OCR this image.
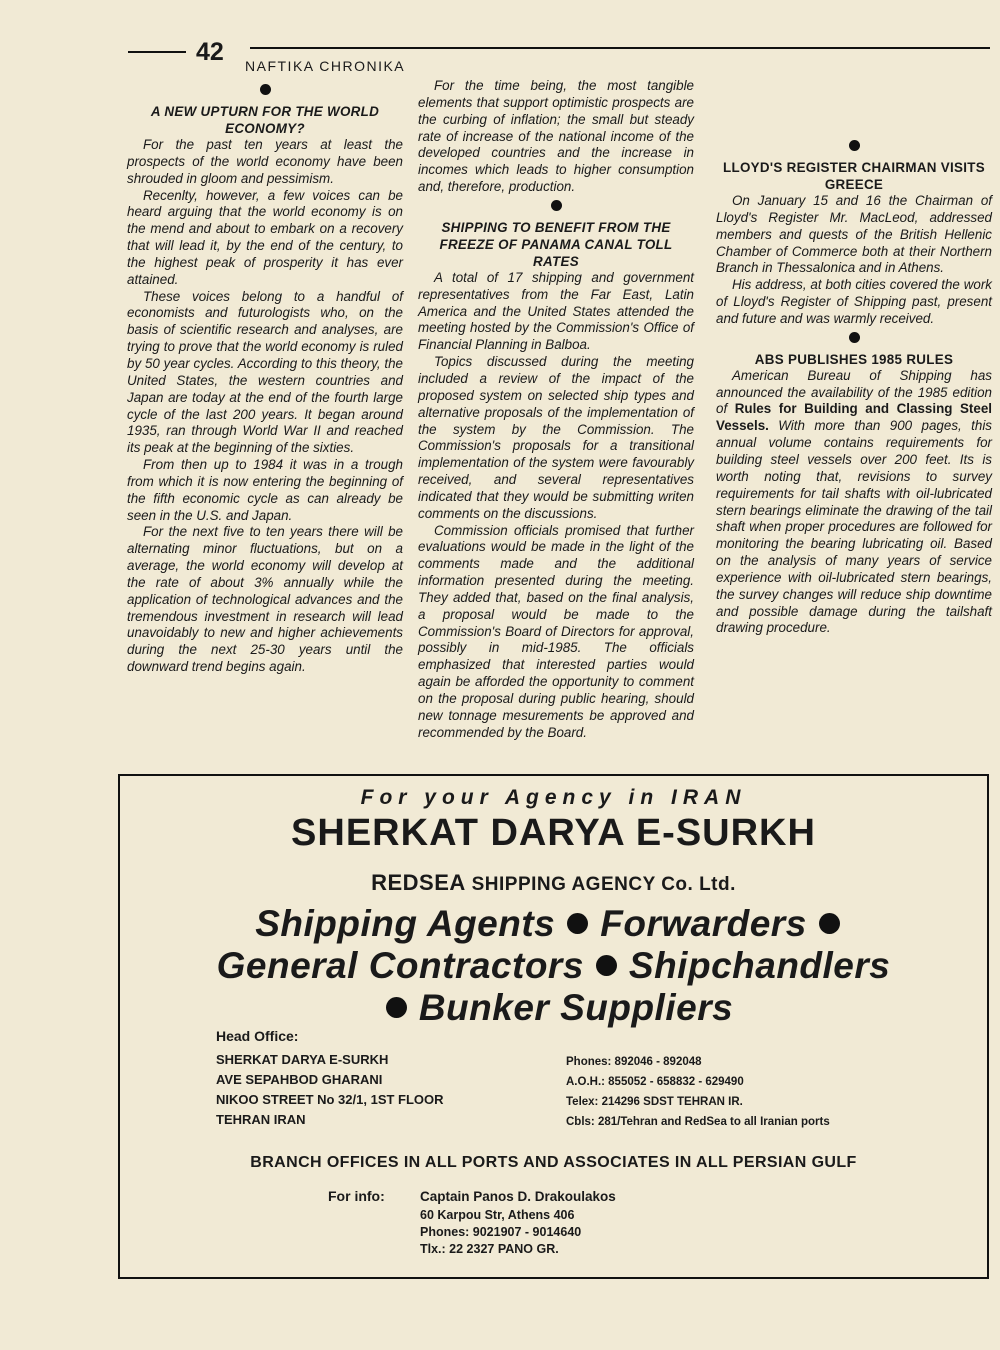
42 NAFTIKA CHRONIKA
A NEW UPTURN FOR THE WORLD ECONOMY?

For the past ten years at least the prospects of the world economy have been shrouded in gloom and pessimism.

Recenlty, however, a few voices can be heard arguing that the world economy is on the mend and about to embark on a recovery that will lead it, by the end of the century, to the highest peak of prosperity it has ever attained.

These voices belong to a handful of economists and futurologists who, on the basis of scientific research and analyses, are trying to prove that the world economy is ruled by 50 year cycles. According to this theory, the United States, the western countries and Japan are today at the end of the fourth large cycle of the last 200 years. It began around 1935, ran through World War II and reached its peak at the beginning of the sixties.

From then up to 1984 it was in a trough from which it is now entering the beginning of the fifth economic cycle as can already be seen in the U.S. and Japan.

For the next five to ten years there will be alternating minor fluctuations, but on a average, the world economy will develop at the rate of about 3% annually while the application of technological advances and the tremendous investment in research will lead unavoidably to new and higher achievements during the next 25-30 years until the downward trend begins again.

For the time being, the most tangible elements that support optimistic prospects are the curbing of inflation; the small but steady rate of increase of the national income of the developed countries and the increase in incomes which leads to higher consumption and, therefore, production.

SHIPPING TO BENEFIT FROM THE FREEZE OF PANAMA CANAL TOLL RATES

A total of 17 shipping and government representatives from the Far East, Latin America and the United States attended the meeting hosted by the Commission's Office of Financial Planning in Balboa.

Topics discussed during the meeting included a review of the impact of the proposed system on selected ship types and alternative proposals of the implementation of the system by the Commission. The Commission's proposals for a transitional implementation of the system were favourably received, and several representatives indicated that they would be submitting writen comments on the discussions.

Commission officials promised that further evaluations would be made in the light of the comments made and the additional information presented during the meeting. They added that, based on the final analysis, a proposal would be made to the Commission's Board of Directors for approval, possibly in mid-1985. The officials emphasized that interested parties would again be afforded the opportunity to comment on the proposal during public hearing, should new tonnage mesurements be approved and recommended by the Board.

LLOYD'S REGISTER CHAIRMAN VISITS GREECE

On January 15 and 16 the Chairman of Lloyd's Register Mr. MacLeod, addressed members and quests of the British Hellenic Chamber of Commerce both at their Northern Branch in Thessalonica and in Athens.

His address, at both cities covered the work of Lloyd's Register of Shipping past, present and future and was warmly received.

ABS PUBLISHES 1985 RULES

American Bureau of Shipping has announced the availability of the 1985 edition of Rules for Building and Classing Steel Vessels. With more than 900 pages, this annual volume contains requirements for building steel vessels over 200 feet. Its is worth noting that, revisions to survey requirements for tail shafts with oil-lubricated stern bearings eliminate the drawing of the tail shaft when proper procedures are followed for monitoring the bearing lubricating oil. Based on the analysis of many years of service experience with oil-lubricated stern bearings, the survey changes will reduce ship downtime and possible damage during the tailshaft drawing procedure.

For your Agency in IRAN
SHERKAT DARYA E-SURKH
REDSEA SHIPPING AGENCY Co. Ltd.
Shipping Agents Forwarders
General Contractors Shipchandlers
Bunker Suppliers
Head Office:
SHERKAT DARYA E-SURKH
AVE SEPAHBOD GHARANI
NIKOO STREET No 32/1, 1ST FLOOR
TEHRAN IRAN
Phones: 892046 - 892048
A.O.H.: 855052 - 658832 - 629490
Telex: 214296 SDST TEHRAN IR.
Cbls: 281/Tehran and RedSea to all Iranian ports
BRANCH OFFICES IN ALL PORTS AND ASSOCIATES IN ALL PERSIAN GULF
For info:	Captain Panos D. Drakoulakos
60 Karpou Str, Athens 406
Phones: 9021907 - 9014640
Tlx.: 22 2327 PANO GR.
